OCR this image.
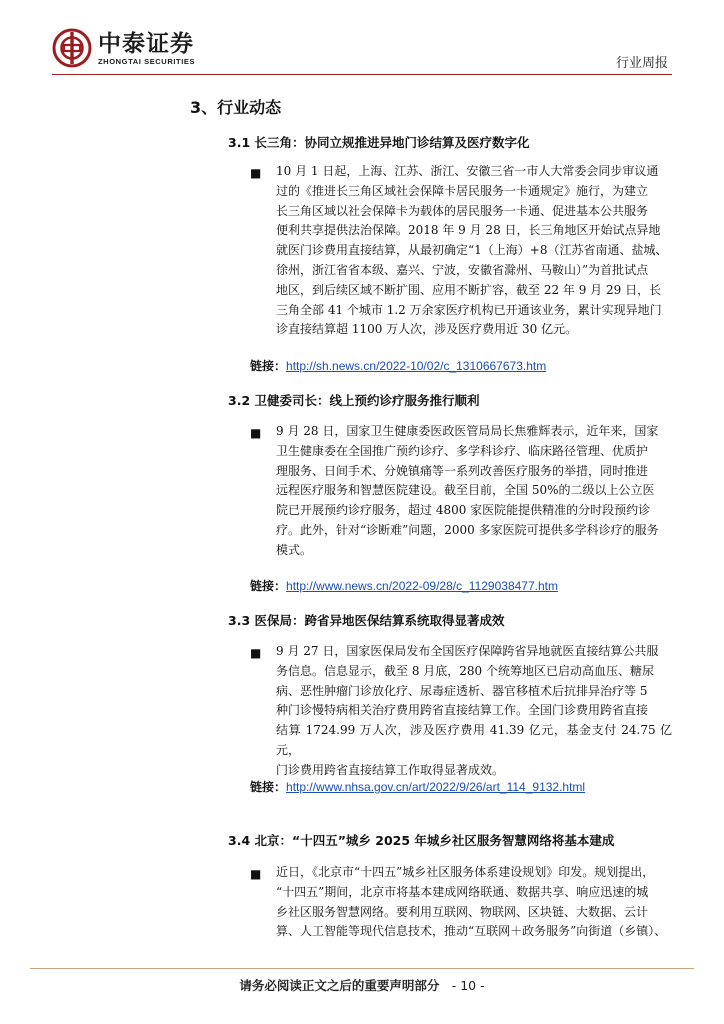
中泰证券
ZHONGTAI SECURITIES	行业周报
3、行业动态
3.1 长三角：协同立规推进异地门诊结算及医疗数字化
■ 10 月 1 日起，上海、江苏、浙江、安徽三省一市人大常委会同步审议通
过的《推进长三角区域社会保障卡居民服务一卡通规定》施行，为建立
长三角区域以社会保障卡为载体的居民服务一卡通、促进基本公共服务
便利共享提供法治保障。2018 年 9 月 28 日，长三角地区开始试点异地
就医门诊费用直接结算，从最初确定“1（上海）+8（江苏省南通、盐城、
徐州，浙江省省本级、嘉兴、宁波，安徽省滁州、马鞍山）”为首批试点
地区，到后续区域不断扩围、应用不断扩容，截至 22 年 9 月 29 日，长
三角全部 41 个城市 1.2 万余家医疗机构已开通该业务，累计实现异地门
诊直接结算超 1100 万人次，涉及医疗费用近 30 亿元。
链接：http://sh.news.cn/2022-10/02/c_1310667673.htm
3.2 卫健委司长：线上预约诊疗服务推行顺利
■ 9 月 28 日，国家卫生健康委医政医管局局长焦雅辉表示，近年来，国家
卫生健康委在全国推广预约诊疗、多学科诊疗、临床路径管理、优质护
理服务、日间手术、分娩镇痛等一系列改善医疗服务的举措，同时推进
远程医疗服务和智慧医院建设。截至目前，全国 50%的二级以上公立医
院已开展预约诊疗服务，超过 4800 家医院能提供精准的分时段预约诊
疗。此外，针对“诊断难”问题，2000 多家医院可提供多学科诊疗的服务
模式。
链接：http://www.news.cn/2022-09/28/c_1129038477.htm
3.3 医保局：跨省异地医保结算系统取得显著成效
■ 9 月 27 日，国家医保局发布全国医疗保障跨省异地就医直接结算公共服
务信息。信息显示，截至 8 月底，280 个统筹地区已启动高血压、糖尿
病、恶性肿瘤门诊放化疗、尿毒症透析、器官移植术后抗排异治疗等 5
种门诊慢特病相关治疗费用跨省直接结算工作。全国门诊费用跨省直接
结算 1724.99 万人次，涉及医疗费用 41.39 亿元，基金支付 24.75 亿元，
门诊费用跨省直接结算工作取得显著成效。
链接：http://www.nhsa.gov.cn/art/2022/9/26/art_114_9132.html
3.4 北京：“十四五”城乡 2025 年城乡社区服务智慧网络将基本建成
■ 近日，《北京市“十四五”城乡社区服务体系建设规划》印发。规划提出，
“十四五”期间，北京市将基本建成网络联通、数据共享、响应迅速的城
乡社区服务智慧网络。要利用互联网、物联网、区块链、大数据、云计
算、人工智能等现代信息技术，推动“互联网＋政务服务”向街道（乡镇）、
请务必阅读正文之后的重要声明部分 - 10 -
